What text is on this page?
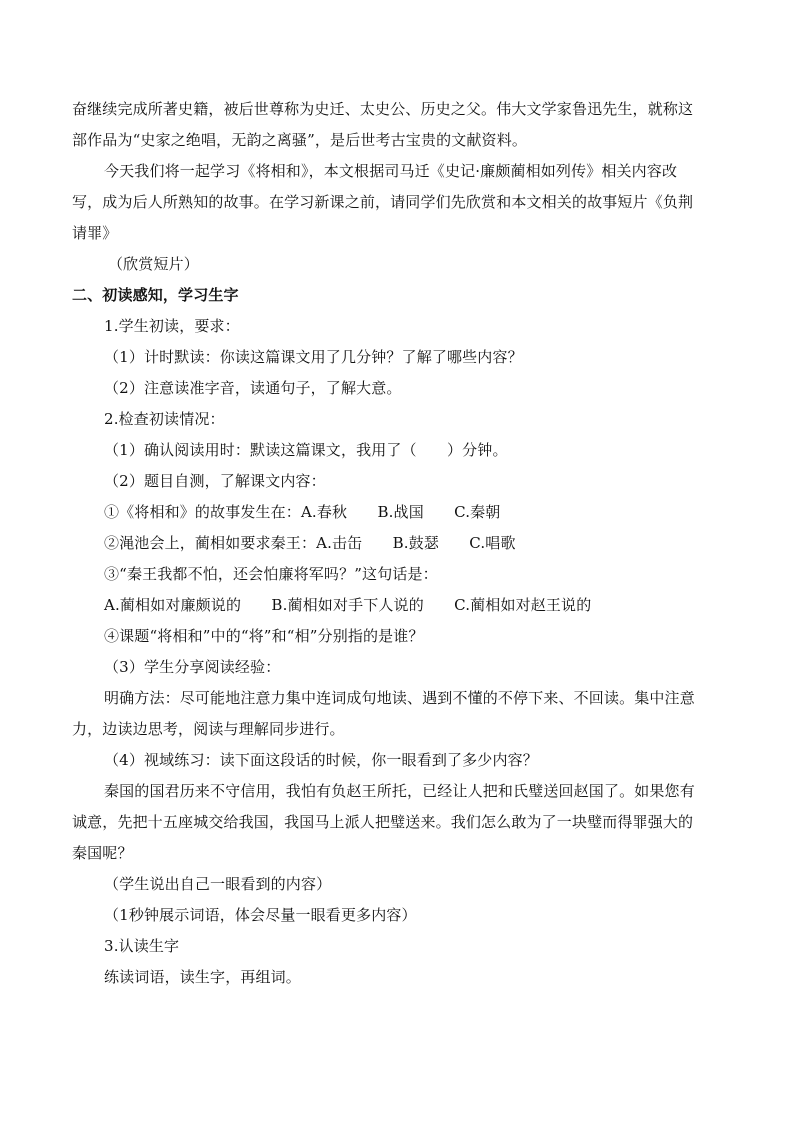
奋继续完成所著史籍，被后世尊称为史迁、太史公、历史之父。伟大文学家鲁迅先生，就称这
部作品为“史家之绝唱，无韵之离骚”，是后世考古宝贵的文献资料。
今天我们将一起学习《将相和》，本文根据司马迁《史记·廉颇蔺相如列传》相关内容改
写，成为后人所熟知的故事。在学习新课之前，请同学们先欣赏和本文相关的故事短片《负荆
请罪》
（欣赏短片）
二、初读感知，学习生字
1.学生初读，要求：
（1）计时默读：你读这篇课文用了几分钟？了解了哪些内容？
（2）注意读准字音，读通句子，了解大意。
2.检查初读情况：
（1）确认阅读用时：默读这篇课文，我用了（　　）分钟。
（2）题目自测，了解课文内容：
①《将相和》的故事发生在：A.春秋　　B.战国　　C.秦朝
②渑池会上，蔺相如要求秦王：A.击缶　　B.鼓瑟　　C.唱歌
③“秦王我都不怕，还会怕廉将军吗？”这句话是：
A.蔺相如对廉颇说的　　B.蔺相如对手下人说的　　C.蔺相如对赵王说的
④课题“将相和”中的“将”和“相”分别指的是谁？
（3）学生分享阅读经验：
明确方法：尽可能地注意力集中连词成句地读、遇到不懂的不停下来、不回读。集中注意
力，边读边思考，阅读与理解同步进行。
（4）视域练习：读下面这段话的时候，你一眼看到了多少内容？
秦国的国君历来不守信用，我怕有负赵王所托，已经让人把和氏璧送回赵国了。如果您有
诚意，先把十五座城交给我国，我国马上派人把璧送来。我们怎么敢为了一块璧而得罪强大的
秦国呢？
（学生说出自己一眼看到的内容）
（1秒钟展示词语，体会尽量一眼看更多内容）
3.认读生字
练读词语，读生字，再组词。
